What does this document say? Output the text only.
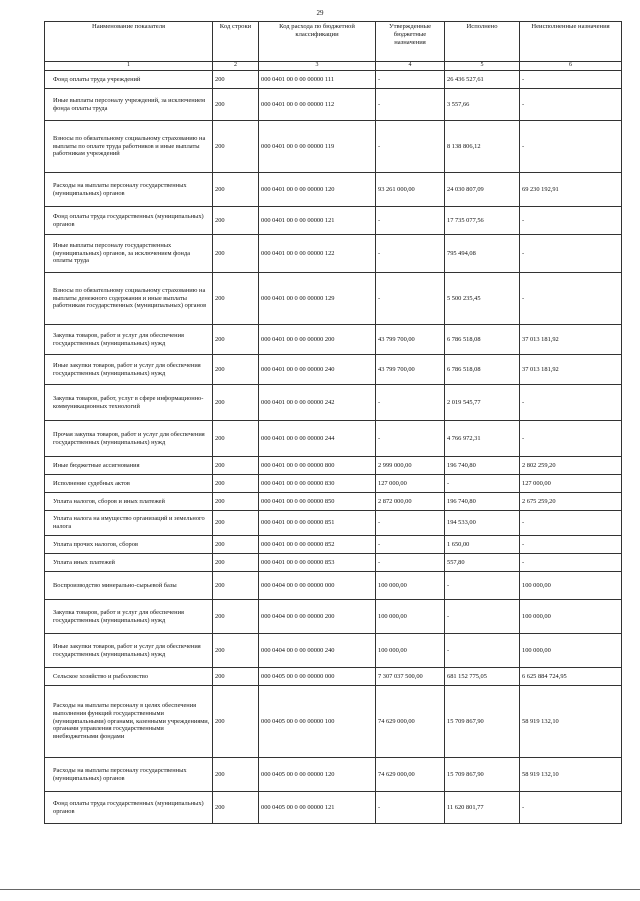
29
Наименование показателя	Код строки	Код расхода по бюджетной классификации	Утвержденные бюджетные назначения	Исполнено	Неисполненные назначения
1	2	3	4	5	6
Фонд оплаты труда учреждений	200	000 0401 00 0 00 00000 111	-	26 436 527,61	-
Иные выплаты персоналу учреждений, за исключением фонда оплаты труда	200	000 0401 00 0 00 00000 112	-	3 557,66	-
Взносы по обязательному социальному страхованию на выплаты по оплате труда работников и иные выплаты работникам учреждений	200	000 0401 00 0 00 00000 119	-	8 138 806,12	-
Расходы на выплаты персоналу государственных (муниципальных) органов	200	000 0401 00 0 00 00000 120	93 261 000,00	24 030 807,09	69 230 192,91
Фонд оплаты труда государственных (муниципальных) органов	200	000 0401 00 0 00 00000 121	-	17 735 077,56	-
Иные выплаты персоналу государственных (муниципальных) органов, за исключением фонда оплаты труда	200	000 0401 00 0 00 00000 122	-	795 494,08	-
Взносы по обязательному социальному страхованию на выплаты денежного содержания и иные выплаты работникам государственных (муниципальных) органов	200	000 0401 00 0 00 00000 129	-	5 500 235,45	-
Закупка товаров, работ и услуг для обеспечения государственных (муниципальных) нужд	200	000 0401 00 0 00 00000 200	43 799 700,00	6 786 518,08	37 013 181,92
Иные закупки товаров, работ и услуг для обеспечения государственных (муниципальных) нужд	200	000 0401 00 0 00 00000 240	43 799 700,00	6 786 518,08	37 013 181,92
Закупка товаров, работ, услуг в сфере информационно-коммуникационных технологий	200	000 0401 00 0 00 00000 242	-	2 019 545,77	-
Прочая закупка товаров, работ и услуг для обеспечения государственных (муниципальных) нужд	200	000 0401 00 0 00 00000 244	-	4 766 972,31	-
Иные бюджетные ассигнования	200	000 0401 00 0 00 00000 800	2 999 000,00	196 740,80	2 802 259,20
Исполнение судебных актов	200	000 0401 00 0 00 00000 830	127 000,00	-	127 000,00
Уплата налогов, сборов и иных платежей	200	000 0401 00 0 00 00000 850	2 872 000,00	196 740,80	2 675 259,20
Уплата налога на имущество организаций и земельного налога	200	000 0401 00 0 00 00000 851	-	194 533,00	-
Уплата прочих налогов, сборов	200	000 0401 00 0 00 00000 852	-	1 650,00	-
Уплата иных платежей	200	000 0401 00 0 00 00000 853	-	557,80	-
Воспроизводство минерально-сырьевой базы	200	000 0404 00 0 00 00000 000	100 000,00	-	100 000,00
Закупка товаров, работ и услуг для обеспечения государственных (муниципальных) нужд	200	000 0404 00 0 00 00000 200	100 000,00	-	100 000,00
Иные закупки товаров, работ и услуг для обеспечения государственных (муниципальных) нужд	200	000 0404 00 0 00 00000 240	100 000,00	-	100 000,00
Сельское хозяйство и рыболовство	200	000 0405 00 0 00 00000 000	7 307 037 500,00	681 152 775,05	6 625 884 724,95
Расходы на выплаты персоналу в целях обеспечения выполнения функций государственными (муниципальными) органами, казенными учреждениями, органами управления государственными внебюджетными фондами	200	000 0405 00 0 00 00000 100	74 629 000,00	15 709 867,90	58 919 132,10
Расходы на выплаты персоналу государственных (муниципальных) органов	200	000 0405 00 0 00 00000 120	74 629 000,00	15 709 867,90	58 919 132,10
Фонд оплаты труда государственных (муниципальных) органов	200	000 0405 00 0 00 00000 121	-	11 620 801,77	-
